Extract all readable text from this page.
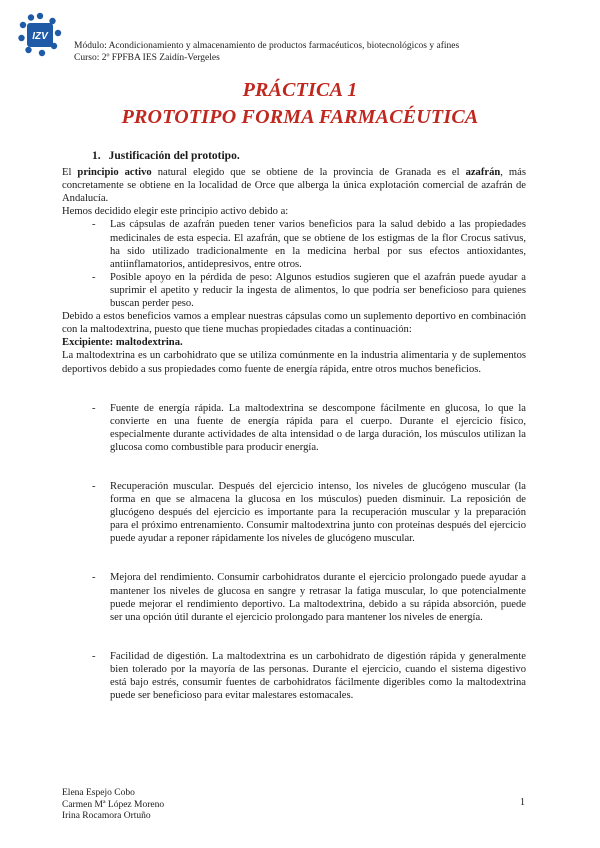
IZV
Módulo: Acondicionamiento y almacenamiento de productos farmacéuticos, biotecnológicos y afines
Curso: 2º FPFBA IES Zaidín-Vergeles
PRÁCTICA 1
PROTOTIPO FORMA FARMACÉUTICA
1. Justificación del prototipo.

El principio activo natural elegido que se obtiene de la provincia de Granada es el azafrán, más concretamente se obtiene en la localidad de Orce que alberga la única explotación comercial de azafrán de Andalucía.

Hemos decidido elegir este principio activo debido a:

-	Las cápsulas de azafrán pueden tener varios beneficios para la salud debido a las propiedades medicinales de esta especia. El azafrán, que se obtiene de los estigmas de la flor Crocus sativus, ha sido utilizado tradicionalmente en la medicina herbal por sus efectos antioxidantes, antiinflamatorios, antidepresivos, entre otros.
-	Posible apoyo en la pérdida de peso: Algunos estudios sugieren que el azafrán puede ayudar a suprimir el apetito y reducir la ingesta de alimentos, lo que podría ser beneficioso para quienes buscan perder peso.

Debido a estos beneficios vamos a emplear nuestras cápsulas como un suplemento deportivo en combinación con la maltodextrina, puesto que tiene muchas propiedades citadas a continuación:

Excipiente: maltodextrina.

La maltodextrina es un carbohidrato que se utiliza comúnmente en la industria alimentaria y de suplementos deportivos debido a sus propiedades como fuente de energía rápida, entre otros muchos beneficios.

-	Fuente de energía rápida. La maltodextrina se descompone fácilmente en glucosa, lo que la convierte en una fuente de energía rápida para el cuerpo. Durante el ejercicio físico, especialmente durante actividades de alta intensidad o de larga duración, los músculos utilizan la glucosa como combustible para producir energía.
-	Recuperación muscular. Después del ejercicio intenso, los niveles de glucógeno muscular (la forma en que se almacena la glucosa en los músculos) pueden disminuir. La reposición de glucógeno después del ejercicio es importante para la recuperación muscular y la preparación para el próximo entrenamiento. Consumir maltodextrina junto con proteínas después del ejercicio puede ayudar a reponer rápidamente los niveles de glucógeno muscular.
-	Mejora del rendimiento. Consumir carbohidratos durante el ejercicio prolongado puede ayudar a mantener los niveles de glucosa en sangre y retrasar la fatiga muscular, lo que potencialmente puede mejorar el rendimiento deportivo. La maltodextrina, debido a su rápida absorción, puede ser una opción útil durante el ejercicio prolongado para mantener los niveles de energía.
-	Facilidad de digestión. La maltodextrina es un carbohidrato de digestión rápida y generalmente bien tolerado por la mayoría de las personas. Durante el ejercicio, cuando el sistema digestivo está bajo estrés, consumir fuentes de carbohidratos fácilmente digeribles como la maltodextrina puede ser beneficioso para evitar malestares estomacales.
Elena Espejo Cobo
Carmen Mª López Moreno
Irina Rocamora Ortuño
1
